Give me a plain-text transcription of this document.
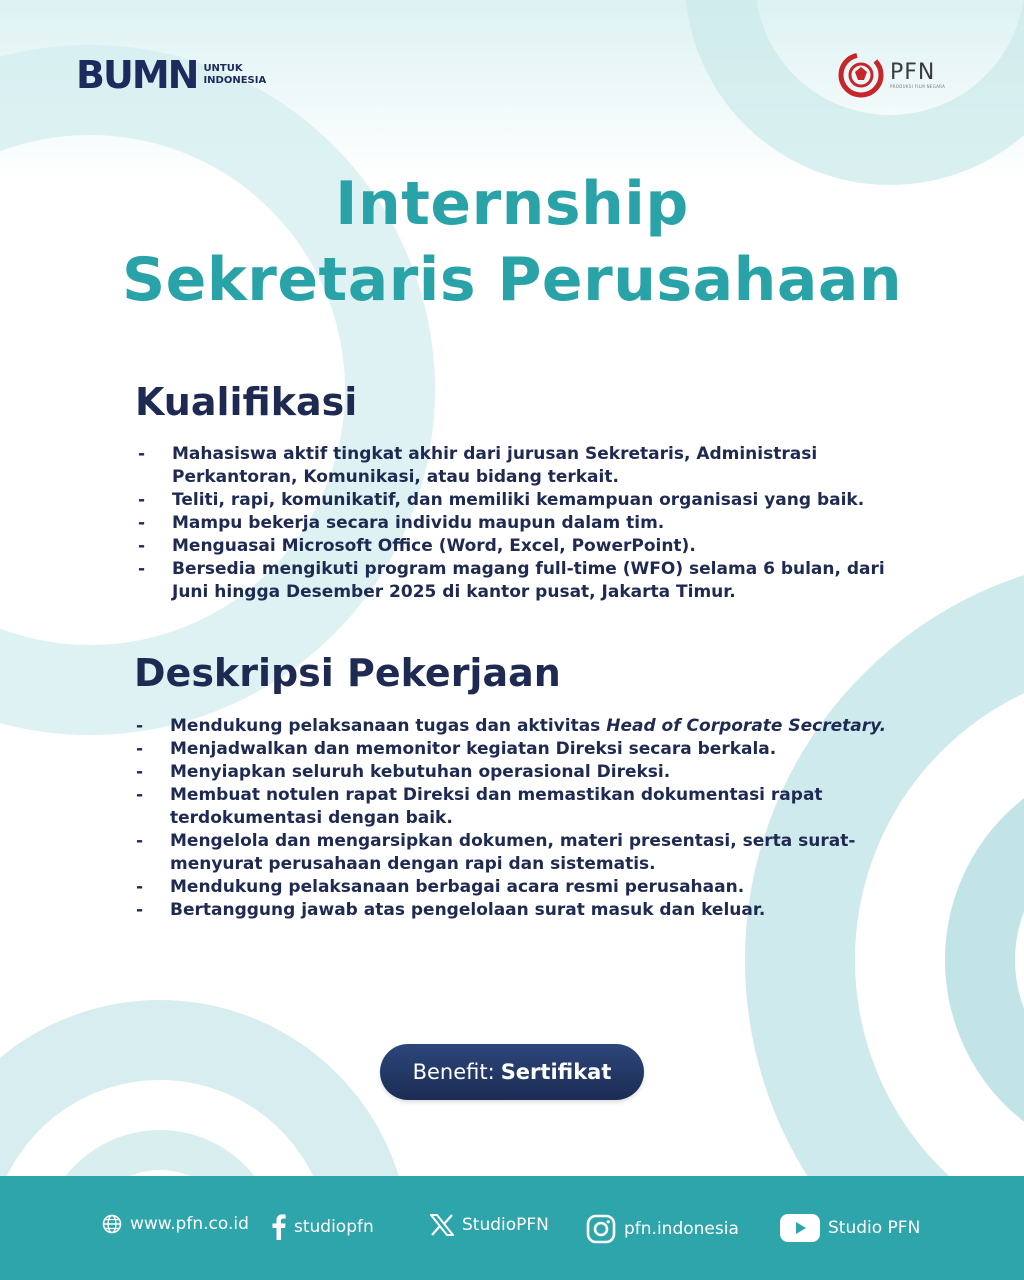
BUMN UNTUK
INDONESIA	PFN
PRODUKSI FILM NEGARA
Internship
Sekretaris Perusahaan
Kualifikasi
-	Mahasiswa aktif tingkat akhir dari jurusan Sekretaris, Administrasi Perkantoran, Komunikasi, atau bidang terkait.
-	Teliti, rapi, komunikatif, dan memiliki kemampuan organisasi yang baik.
-	Mampu bekerja secara individu maupun dalam tim.
-	Menguasai Microsoft Office (Word, Excel, PowerPoint).
-	Bersedia mengikuti program magang full-time (WFO) selama 6 bulan, dari Juni hingga Desember 2025 di kantor pusat, Jakarta Timur.
Deskripsi Pekerjaan
-	Mendukung pelaksanaan tugas dan aktivitas Head of Corporate Secretary.
-	Menjadwalkan dan memonitor kegiatan Direksi secara berkala.
-	Menyiapkan seluruh kebutuhan operasional Direksi.
-	Membuat notulen rapat Direksi dan memastikan dokumentasi rapat terdokumentasi dengan baik.
-	Mengelola dan mengarsipkan dokumen, materi presentasi, serta surat-menyurat perusahaan dengan rapi dan sistematis.
-	Mendukung pelaksanaan berbagai acara resmi perusahaan.
-	Bertanggung jawab atas pengelolaan surat masuk dan keluar.
Benefit: Sertifikat
www.pfn.co.id	studiopfn	StudioPFN	pfn.indonesia	Studio PFN
